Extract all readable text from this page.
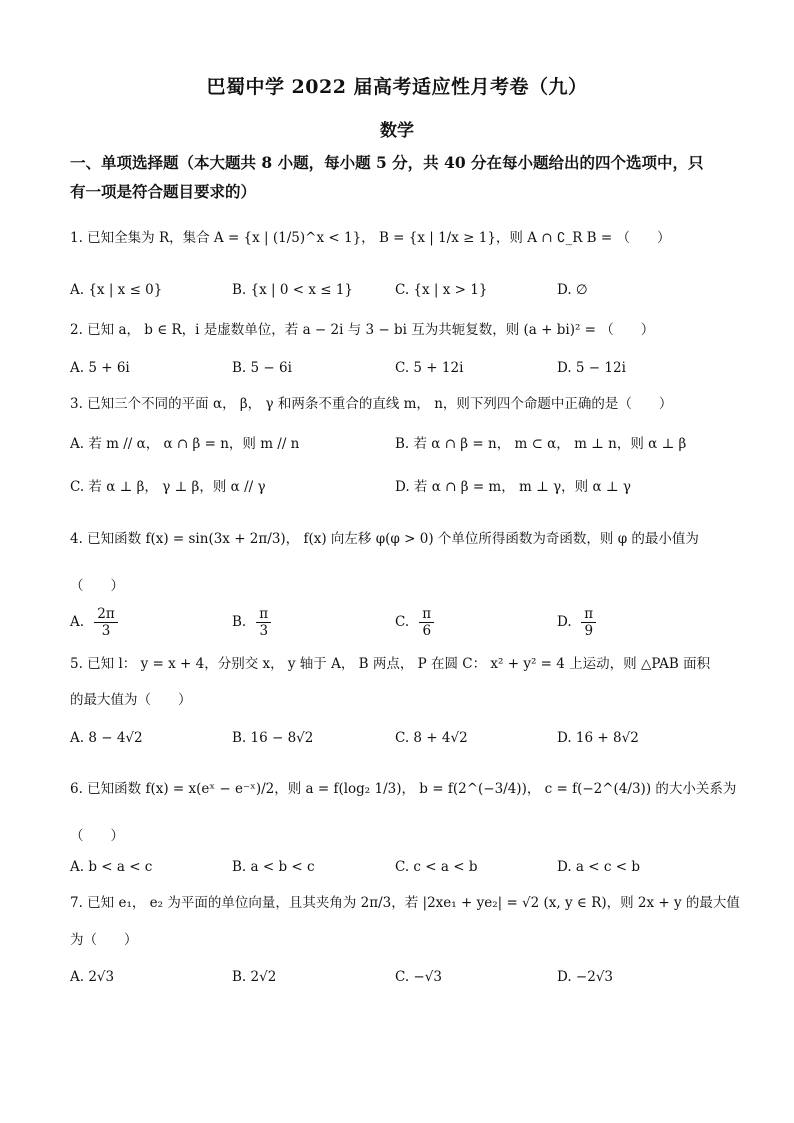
巴蜀中学 2022 届高考适应性月考卷（九）
数学
一、单项选择题（本大题共 8 小题，每小题 5 分，共 40 分在每小题给出的四个选项中，只
有一项是符合题目要求的）
1. 已知全集为 R，集合 A = {x | (1/5)^x < 1}， B = {x | 1/x ≥ 1}，则 A ∩ ∁_R B = （　　）
A. {x | x ≤ 0}	B. {x | 0 < x ≤ 1}	C. {x | x > 1}	D. ∅
2. 已知 a， b ∈ R，i 是虚数单位，若 a − 2i 与 3 − bi 互为共轭复数，则 (a + bi)² = （　　）
A. 5 + 6i	B. 5 − 6i	C. 5 + 12i	D. 5 − 12i
3. 已知三个不同的平面 α， β， γ 和两条不重合的直线 m， n，则下列四个命题中正确的是（　　）
A. 若 m // α， α ∩ β = n，则 m // n	B. 若 α ∩ β = n， m ⊂ α， m ⊥ n，则 α ⊥ β
C. 若 α ⊥ β， γ ⊥ β，则 α // γ	D. 若 α ∩ β = m， m ⊥ γ，则 α ⊥ γ
4. 已知函数 f(x) = sin(3x + 2π/3)， f(x) 向左移 φ(φ > 0) 个单位所得函数为奇函数，则 φ 的最小值为
（　　）
A. $\frac{2\pi}{3}$	B. $\frac{\pi}{3}$	C. $\frac{\pi}{6}$	D. $\frac{\pi}{9}$
5. 已知 l： y = x + 4，分别交 x， y 轴于 A， B 两点， P 在圆 C： x² + y² = 4 上运动，则 △PAB 面积
的最大值为（　　）
A. 8 − 4√2	B. 16 − 8√2	C. 8 + 4√2	D. 16 + 8√2
6. 已知函数 f(x) = x(eˣ − e⁻ˣ)/2，则 a = f(log₂ 1/3)， b = f(2^(−3/4))， c = f(−2^(4/3)) 的大小关系为
（　　）
A. b < a < c	B. a < b < c	C. c < a < b	D. a < c < b
7. 已知 e₁， e₂ 为平面的单位向量，且其夹角为 2π/3，若 |2xe₁ + ye₂| = √2 (x, y ∈ R)，则 2x + y 的最大值
为（　　）
A. 2√3	B. 2√2	C. −√3	D. −2√3
